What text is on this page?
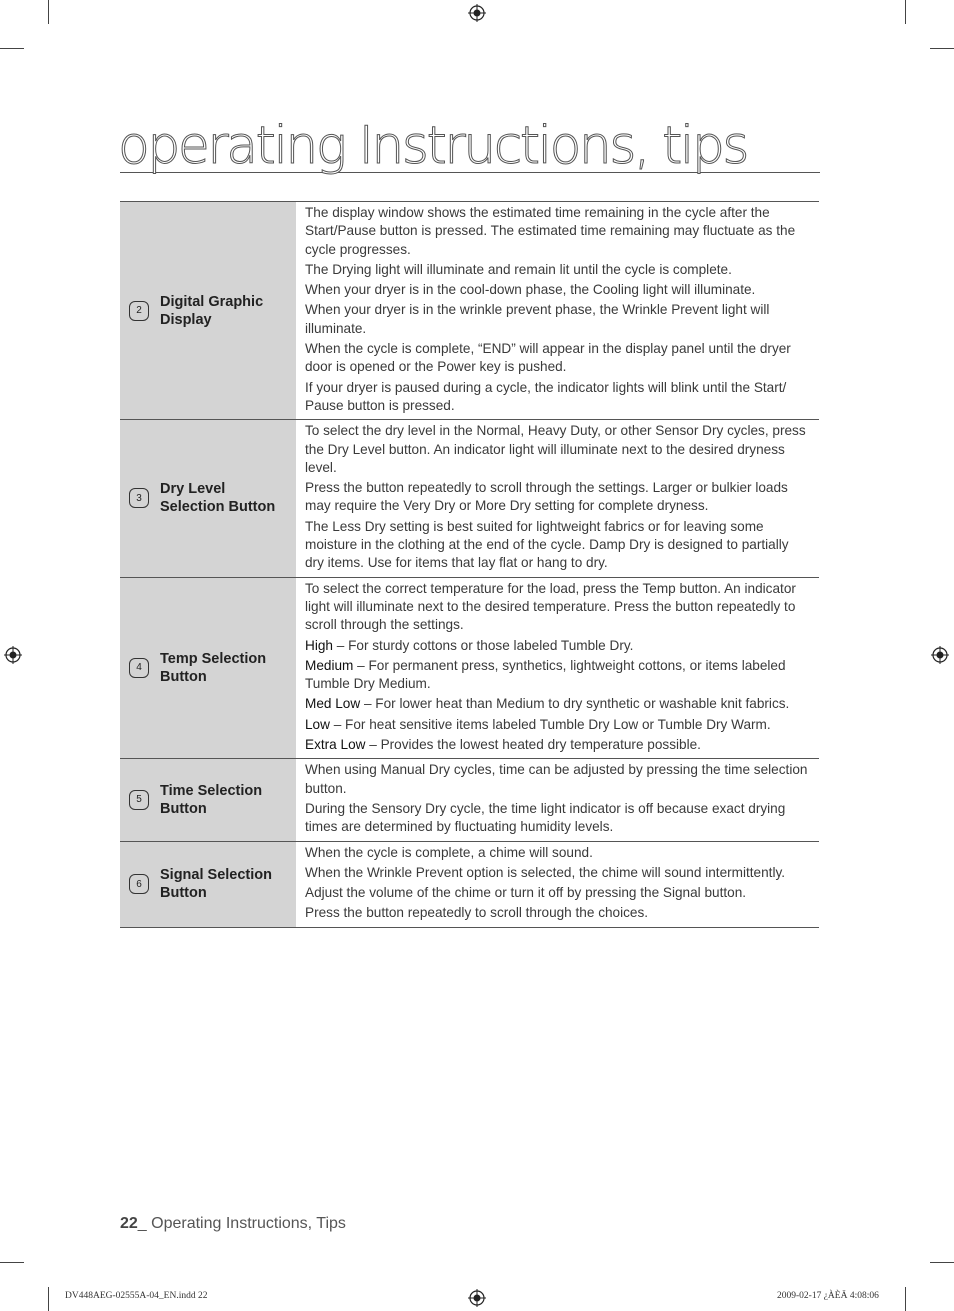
operating Instructions, tips
2
Digital Graphic
Display

The display window shows the estimated time remaining in the cycle after the Start/Pause button is pressed. The estimated time remaining may fluctuate as the cycle progresses.

The Drying light will illuminate and remain lit until the cycle is complete.

When your dryer is in the cool-down phase, the Cooling light will illuminate.

When your dryer is in the wrinkle prevent phase, the Wrinkle Prevent light will illuminate.

When the cycle is complete, “END” will appear in the display panel until the dryer door is opened or the Power key is pushed.

If your dryer is paused during a cycle, the indicator lights will blink until the Start/ Pause button is pressed.

3
Dry Level
Selection Button

To select the dry level in the Normal, Heavy Duty, or other Sensor Dry cycles, press the Dry Level button. An indicator light will illuminate next to the desired dryness level.

Press the button repeatedly to scroll through the settings. Larger or bulkier loads may require the Very Dry or More Dry setting for complete dryness.

The Less Dry setting is best suited for lightweight fabrics or for leaving some moisture in the clothing at the end of the cycle. Damp Dry is designed to partially dry items. Use for items that lay flat or hang to dry.

4
Temp Selection
Button

To select the correct temperature for the load, press the Temp button. An indicator light will illuminate next to the desired temperature. Press the button repeatedly to scroll through the settings.

High – For sturdy cottons or those labeled Tumble Dry.

Medium – For permanent press, synthetics, lightweight cottons, or items labeled Tumble Dry Medium.

Med Low – For lower heat than Medium to dry synthetic or washable knit fabrics.

Low – For heat sensitive items labeled Tumble Dry Low or Tumble Dry Warm.

Extra Low – Provides the lowest heated dry temperature possible.

5
Time Selection
Button

When using Manual Dry cycles, time can be adjusted by pressing the time selection button.

During the Sensory Dry cycle, the time light indicator is off because exact drying times are determined by fluctuating humidity levels.

6
Signal Selection
Button

When the cycle is complete, a chime will sound.

When the Wrinkle Prevent option is selected, the chime will sound intermittently.

Adjust the volume of the chime or turn it off by pressing the Signal button.

Press the button repeatedly to scroll through the choices.

22_ Operating Instructions, Tips
DV448AEG-02555A-04_EN.indd 22	2009-02-17 ¿ÀÈÄ 4:08:06
